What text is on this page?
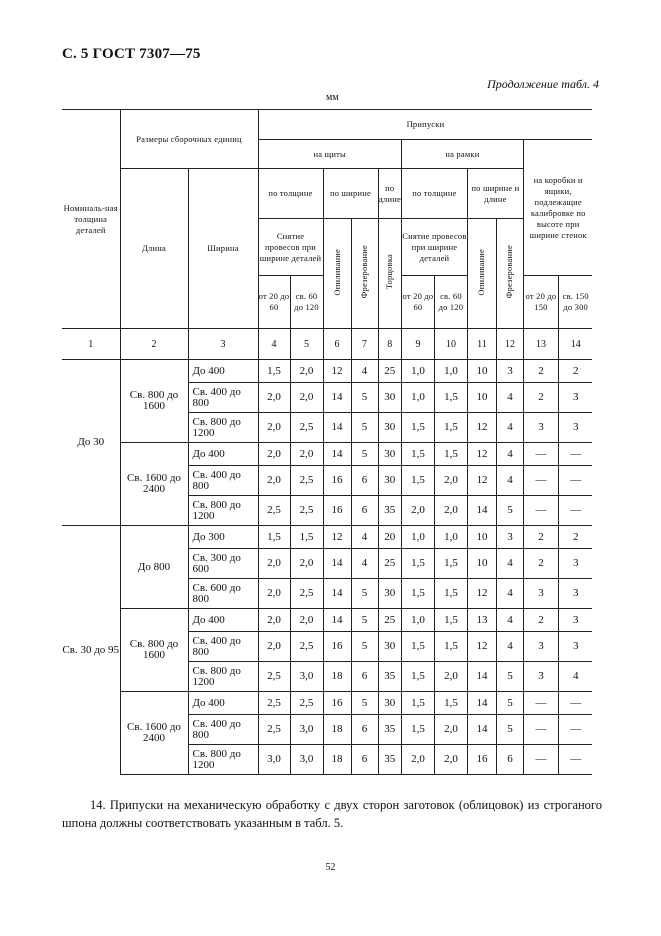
С. 5 ГОСТ 7307—75
Продолжение табл. 4
мм
Номиналь-ная толщина деталей	Размеры сборочных единиц		Припуски										
			на щиты					на рамки				на коробки и ящики, подлежащие калибровке по высоте при ширине стенок	
	Длина	Ширина	по толщине		по ширине		по длине	по толщине		по ширине и длине			
			Снятие провесов при ширине деталей		Опиливание	Фрезерование	Торцовка	Снятие провесов при ширине деталей		Опиливание	Фрезерование		
			от 20 до 60	св. 60 до 120				от 20 до 60	св. 60 до 120			от 20 до 150	св. 150 до 300
1	2	3	4	5	6	7	8	9	10	11	12	13	14
До 30	Св. 800 до 1600	До 400	1,5	2,0	12	4	25	1,0	1,0	10	3	2	2
		Св. 400 до 800	2,0	2,0	14	5	30	1,0	1,5	10	4	2	3
		Св. 800 до 1200	2,0	2,5	14	5	30	1,5	1,5	12	4	3	3
	Св. 1600 до 2400	До 400	2,0	2,0	14	5	30	1,5	1,5	12	4	—	—
		Св. 400 до 800	2,0	2,5	16	6	30	1,5	2,0	12	4	—	—
		Св. 800 до 1200	2,5	2,5	16	6	35	2,0	2,0	14	5	—	—
Св. 30 до 95	До 800	До 300	1,5	1,5	12	4	20	1,0	1,0	10	3	2	2
		Св. 300 до 600	2,0	2,0	14	4	25	1,5	1,5	10	4	2	3
		Св. 600 до 800	2,0	2,5	14	5	30	1,5	1,5	12	4	3	3
	Св. 800 до 1600	До 400	2,0	2,0	14	5	25	1,0	1,5	13	4	2	3
		Св. 400 до 800	2,0	2,5	16	5	30	1,5	1,5	12	4	3	3
		Св. 800 до 1200	2,5	3,0	18	6	35	1,5	2,0	14	5	3	4
	Св. 1600 до 2400	До 400	2,5	2,5	16	5	30	1,5	1,5	14	5	—	—
		Св. 400 до 800	2,5	3,0	18	6	35	1,5	2,0	14	5	—	—
		Св. 800 до 1200	3,0	3,0	18	6	35	2,0	2,0	16	6	—	—
14. Припуски на механическую обработку с двух сторон заготовок (облицовок) из строганого шпона должны соответствовать указанным в табл. 5.
52
